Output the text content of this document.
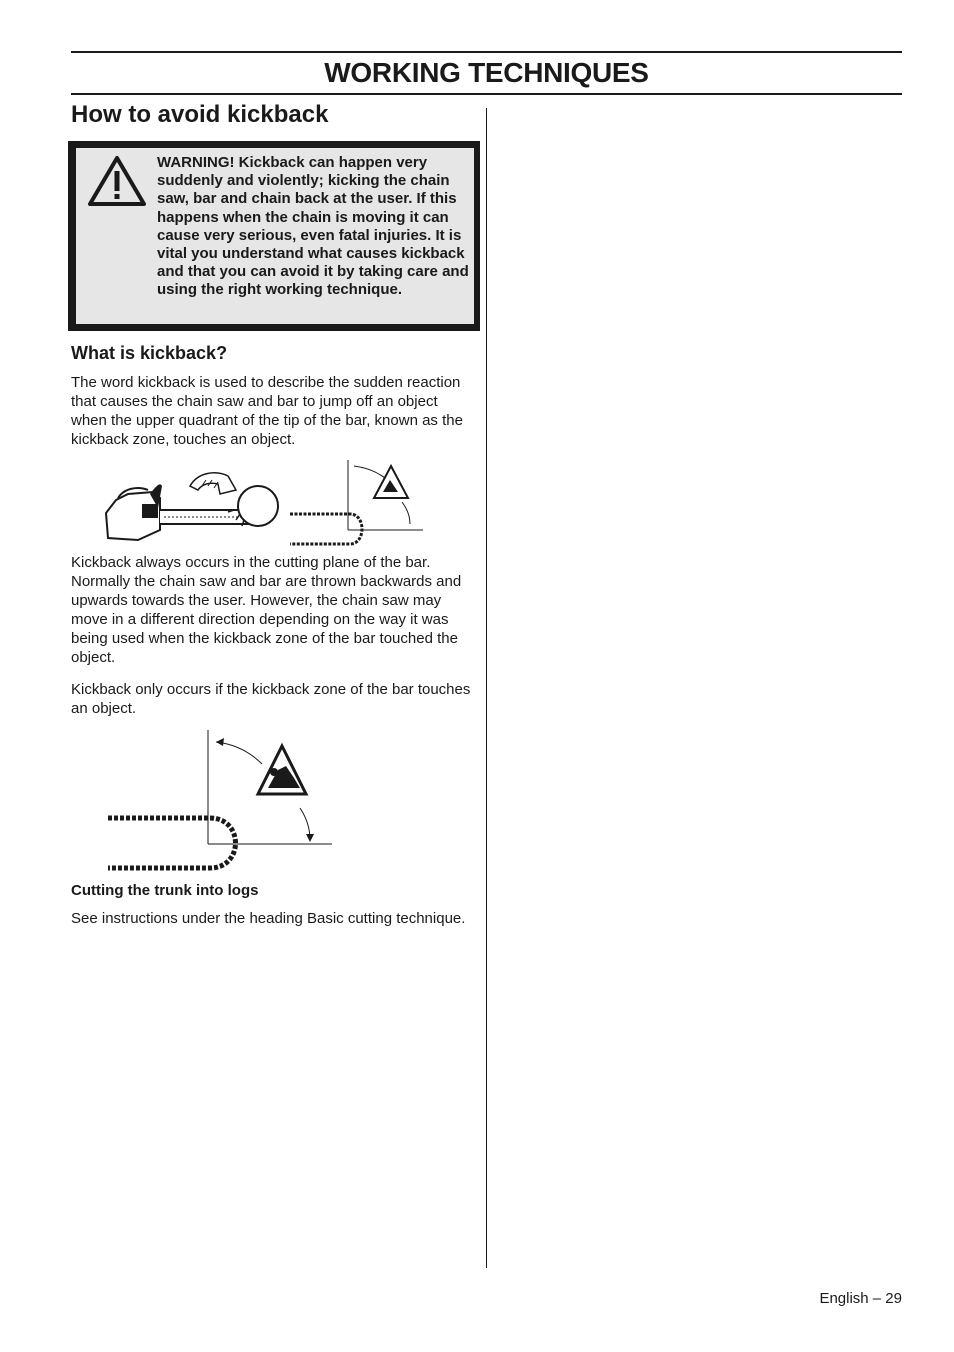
WORKING TECHNIQUES
How to avoid kickback
WARNING! Kickback can happen very suddenly and violently; kicking the chain saw, bar and chain back at the user. If this happens when the chain is moving it can cause very serious, even fatal injuries. It is vital you understand what causes kickback and that you can avoid it by taking care and using the right working technique.
What is kickback?
The word kickback is used to describe the sudden reaction that causes the chain saw and bar to jump off an object when the upper quadrant of the tip of the bar, known as the kickback zone, touches an object.
Kickback always occurs in the cutting plane of the bar. Normally the chain saw and bar are thrown backwards and upwards towards the user. However, the chain saw may move in a different direction depending on the way it was being used when the kickback zone of the bar touched the object.
Kickback only occurs if the kickback zone of the bar touches an object.
Cutting the trunk into logs
See instructions under the heading Basic cutting technique.
English – 29
